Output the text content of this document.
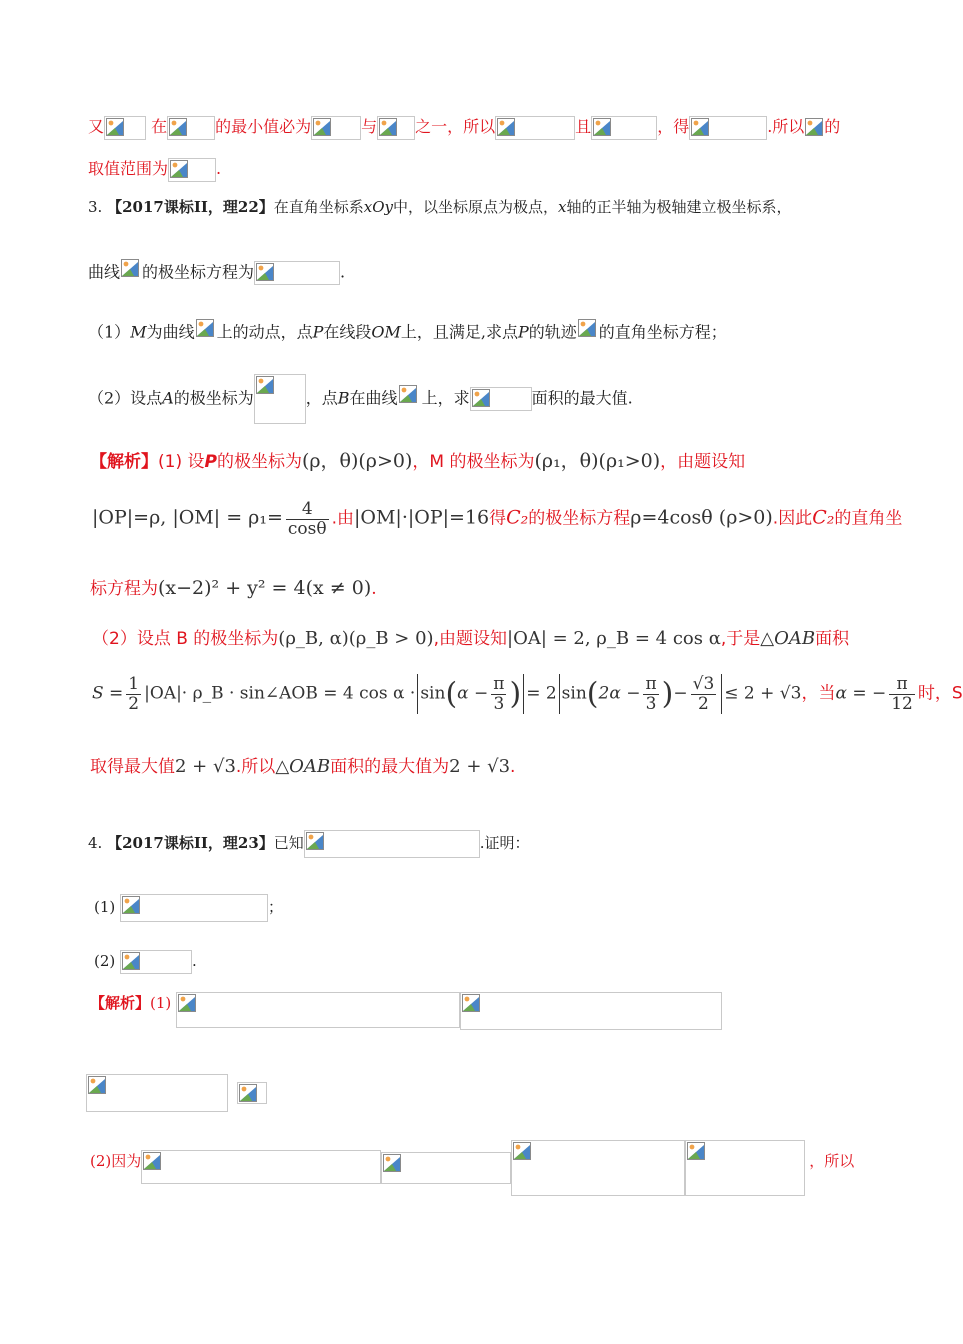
又	在	的最小值必为	与 之一，所以	且	，得	.所以 的
取值范围为	.
3. 【2017课标II，理22】在直角坐标系xOy中，以坐标原点为极点，x轴的正半轴为极轴建立极坐标系，
曲线 的极坐标方程为	.
（1）M为曲线 上的动点，点P在线段OM上，且满足,求点P的轨迹 的直角坐标方程；
（2）设点A的极坐标为	，点B在曲线 上，求	面积的最大值.
【解析】(1) 设P的极坐标为(ρ，θ)(ρ>0)，M 的极坐标为(ρ₁，θ)(ρ₁>0)，由题设知
|OP|=ρ, $|OM| = \rho_1= \frac{4}{\cos\theta}$ .由|OM|·|OP|=16得C₂的极坐标方程ρ=4cosθ (ρ>0).因此C₂的直角坐
标方程为(x−2)² + y² = 4(x ≠ 0).
（2）设点 B 的极坐标为(ρ_B, α)(ρ_B > 0),由题设知|OA| = 2, ρ_B = 4 cos α,于是△OAB面积
$S = \frac{1}{2} |OA|\cdot$ ρ_B · sin∠AOB = 4 $\cos \alpha \cdot \sin(\alpha - \frac{\pi}{3}$ ) = 2 $\sin(2\alpha - \frac{\pi}{3}$ )− $\frac{√3}{2} \le 2 + √3$，当α = − $\frac{\pi}{12}$ 时，S
取得最大值2 + √3.所以△OAB面积的最大值为2 + √3.
4. 【2017课标II，理23】已知	.证明：
(1)	；
(2)	.
【解析】(1)

(2)因为	，所以
